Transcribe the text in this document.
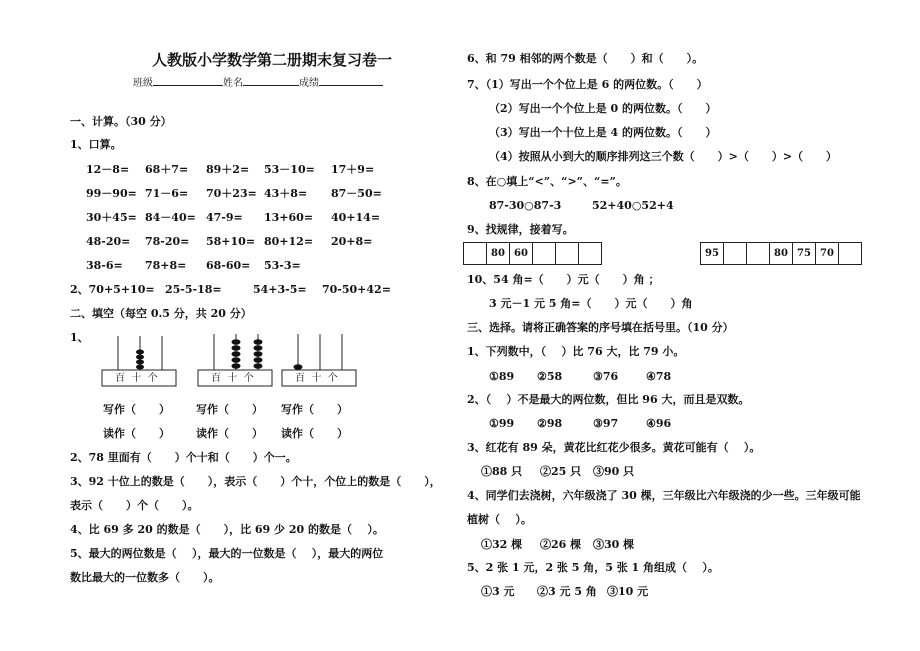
人教版小学数学第二册期末复习卷一
班级	姓名	成绩
一、计算。（30 分）
1、口算。
12－8= 68＋7= 89＋2= 53－10= 17＋9=
99－90= 71－6= 70＋23= 43＋8= 87－50=
30＋45= 84－40= 47-9= 13+60= 40+14=
48-20= 78-20= 58+10= 80+12= 20+8=
38-6= 78+8= 68-60= 53-3=
2、70+5+10= 25-5-18=	54+3-5= 70-50+42=
二、填空（每空 0.5 分，共 20 分）
1、
百  十  个	百  十  个	百  十  个
写作（      ） 写作（      ） 写作（      ）
读作（      ） 读作（      ） 读作（      ）
2、78 里面有（      ）个十和（      ）个一。
3、92 十位上的数是（      ），表示（      ）个十，个位上的数是（      ），
表示（      ）个（      ）。
4、比 69 多 20 的数是（      ），比 69 少 20 的数是（    ）。
5、最大的两位数是（    ），最大的一位数是（    ），最大的两位
数比最大的一位数多（      ）。
6、和 79 相邻的两个数是（      ）和（      ）。
7、（1）写出一个个位上是 6 的两位数。（      ）
（2）写出一个个位上是 0 的两位数。（      ）
（3）写出一个十位上是 4 的两位数。（      ）
（4）按照从小到大的顺序排列这三个数（      ）>（      ）>（      ）
8、在○填上“<”、“>”、“=”。
87-30○87-3	52+40○52+4
9、找规律，接着写。
	80	60				95			80	75	70	
10、54 角=（      ）元（      ）角 ；
3 元－1 元 5 角=（      ）元（      ）角
三、选择。请将正确答案的序号填在括号里。（10 分）
1、下列数中，（    ）比 76 大，比 79 小。
①89 ②58	③76	④78
2、（    ）不是最大的两位数，但比 96 大，而且是双数。
①99 ②98	③97	④96
3、红花有 89 朵，黄花比红花少很多。黄花可能有（    ）。
①88 只 ②25 只 ③90 只
4、同学们去浇树，六年级浇了 30 棵，三年级比六年级浇的少一些。三年级可能
植树（    ）。
①32 棵 ②26 棵 ③30 棵
5、2 张 1 元，2 张 5 角，5 张 1 角组成（    ）。
①3 元 ②3 元 5 角 ③10 元
